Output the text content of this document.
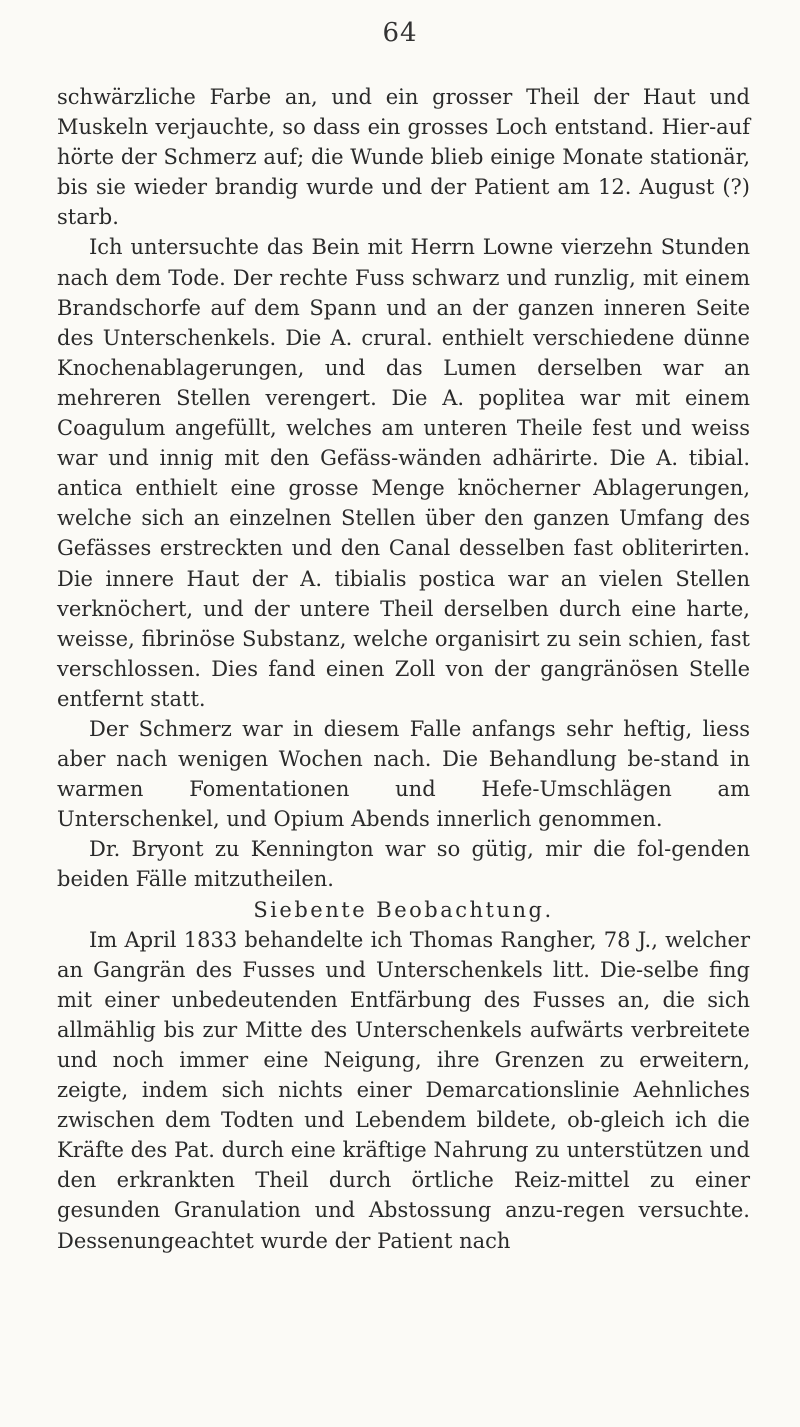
64

schwärzliche Farbe an, und ein grosser Theil der Haut und Muskeln verjauchte, so dass ein grosses Loch entstand. Hier-auf hörte der Schmerz auf; die Wunde blieb einige Monate stationär, bis sie wieder brandig wurde und der Patient am 12. August (?) starb.

Ich untersuchte das Bein mit Herrn Lowne vierzehn Stunden nach dem Tode. Der rechte Fuss schwarz und runzlig, mit einem Brandschorfe auf dem Spann und an der ganzen inneren Seite des Unterschenkels. Die A. crural. enthielt verschiedene dünne Knochenablagerungen, und das Lumen derselben war an mehreren Stellen verengert. Die A. poplitea war mit einem Coagulum angefüllt, welches am unteren Theile fest und weiss war und innig mit den Gefäss-wänden adhärirte. Die A. tibial. antica enthielt eine grosse Menge knöcherner Ablagerungen, welche sich an einzelnen Stellen über den ganzen Umfang des Gefässes erstreckten und den Canal desselben fast obliterirten. Die innere Haut der A. tibialis postica war an vielen Stellen verknöchert, und der untere Theil derselben durch eine harte, weisse, fibrinöse Substanz, welche organisirt zu sein schien, fast verschlossen. Dies fand einen Zoll von der gangränösen Stelle entfernt statt.

Der Schmerz war in diesem Falle anfangs sehr heftig, liess aber nach wenigen Wochen nach. Die Behandlung be-stand in warmen Fomentationen und Hefe-Umschlägen am Unterschenkel, und Opium Abends innerlich genommen.

Dr. Bryont zu Kennington war so gütig, mir die fol-genden beiden Fälle mitzutheilen.

Siebente Beobachtung.

Im April 1833 behandelte ich Thomas Rangher, 78 J., welcher an Gangrän des Fusses und Unterschenkels litt. Die-selbe fing mit einer unbedeutenden Entfärbung des Fusses an, die sich allmählig bis zur Mitte des Unterschenkels aufwärts verbreitete und noch immer eine Neigung, ihre Grenzen zu erweitern, zeigte, indem sich nichts einer Demarcationslinie Aehnliches zwischen dem Todten und Lebendem bildete, ob-gleich ich die Kräfte des Pat. durch eine kräftige Nahrung zu unterstützen und den erkrankten Theil durch örtliche Reiz-mittel zu einer gesunden Granulation und Abstossung anzu-regen versuchte. Dessenungeachtet wurde der Patient nach
